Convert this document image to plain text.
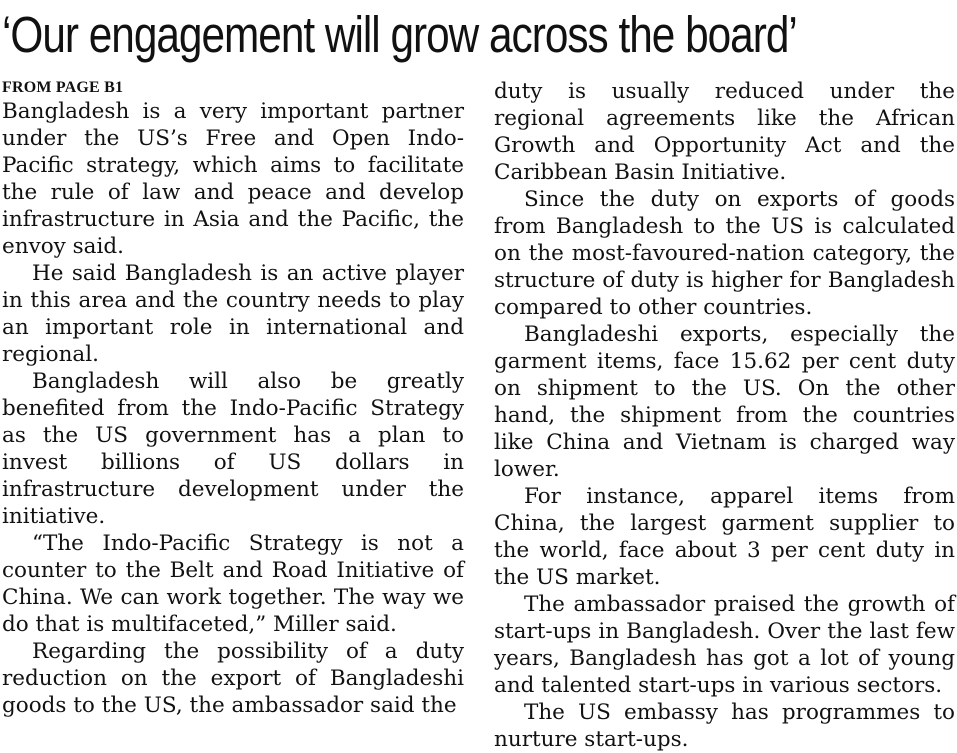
‘Our engagement will grow across the board’
FROM PAGE B1

Bangladesh is a very important partner under the US’s Free and Open Indo-Pacific strategy, which aims to facilitate the rule of law and peace and develop infrastructure in Asia and the Pacific, the envoy said.

He said Bangladesh is an active player in this area and the country needs to play an important role in international and regional.

Bangladesh will also be greatly benefited from the Indo-Pacific Strategy as the US government has a plan to invest billions of US dollars in infrastructure development under the initiative.

“The Indo-Pacific Strategy is not a counter to the Belt and Road Initiative of China. We can work together. The way we do that is multifaceted,” Miller said.

Regarding the possibility of a duty reduction on the export of Bangladeshi goods to the US, the ambassador said the

duty is usually reduced under the regional agreements like the African Growth and Opportunity Act and the Caribbean Basin Initiative.

Since the duty on exports of goods from Bangladesh to the US is calculated on the most-favoured-nation category, the structure of duty is higher for Bangladesh compared to other countries.

Bangladeshi exports, especially the garment items, face 15.62 per cent duty on shipment to the US. On the other hand, the shipment from the countries like China and Vietnam is charged way lower.

For instance, apparel items from China, the largest garment supplier to the world, face about 3 per cent duty in the US market.

The ambassador praised the growth of start-ups in Bangladesh. Over the last few years, Bangladesh has got a lot of young and talented start-ups in various sectors.

The US embassy has programmes to nurture start-ups.
